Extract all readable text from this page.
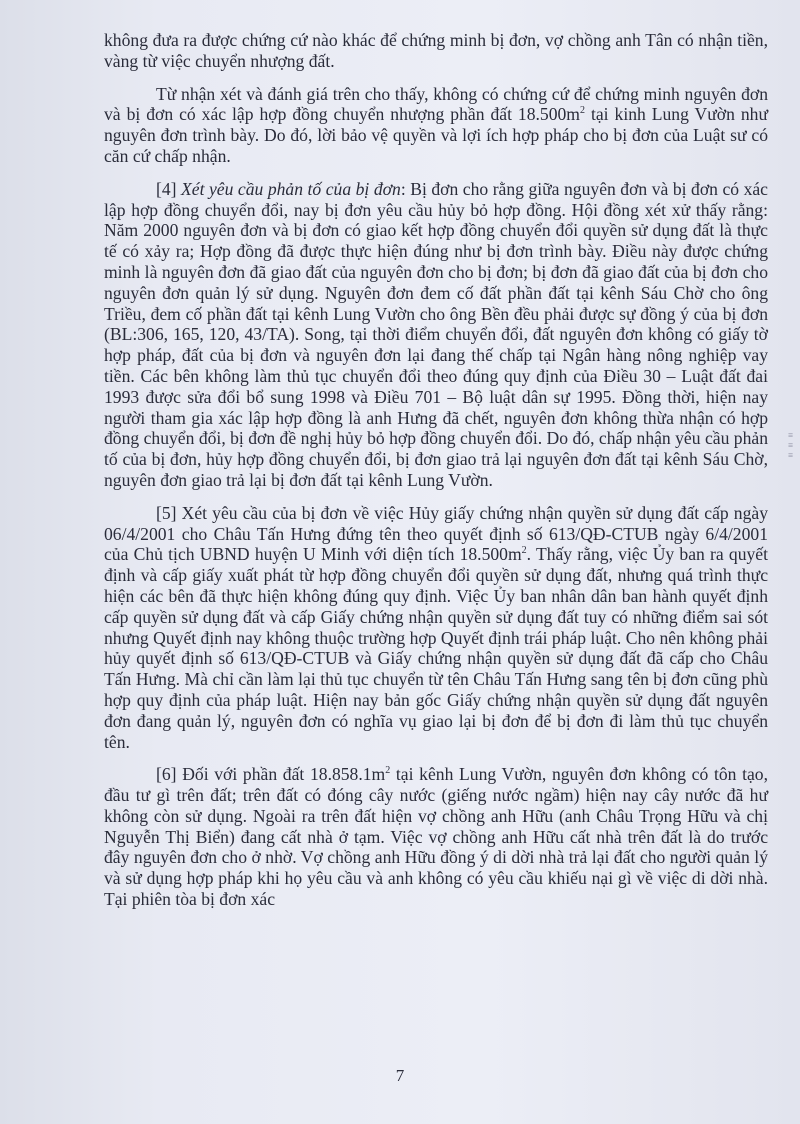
không đưa ra được chứng cứ nào khác để chứng minh bị đơn, vợ chồng anh Tân có nhận tiền, vàng từ việc chuyển nhượng đất.

Từ nhận xét và đánh giá trên cho thấy, không có chứng cứ để chứng minh nguyên đơn và bị đơn có xác lập hợp đồng chuyển nhượng phần đất $18.500m^2$ tại kinh Lung Vườn như nguyên đơn trình bày. Do đó, lời bảo vệ quyền và lợi ích hợp pháp cho bị đơn của Luật sư có căn cứ chấp nhận.

[4] Xét yêu cầu phản tố của bị đơn: Bị đơn cho rằng giữa nguyên đơn và bị đơn có xác lập hợp đồng chuyển đổi, nay bị đơn yêu cầu hủy bỏ hợp đồng. Hội đồng xét xử thấy rằng: Năm 2000 nguyên đơn và bị đơn có giao kết hợp đồng chuyển đổi quyền sử dụng đất là thực tế có xảy ra; Hợp đồng đã được thực hiện đúng như bị đơn trình bày. Điều này được chứng minh là nguyên đơn đã giao đất của nguyên đơn cho bị đơn; bị đơn đã giao đất của bị đơn cho nguyên đơn quản lý sử dụng. Nguyên đơn đem cố đất phần đất tại kênh Sáu Chờ cho ông Triều, đem cố phần đất tại kênh Lung Vườn cho ông Bền đều phải được sự đồng ý của bị đơn (BL:306, 165, 120, 43/TA). Song, tại thời điểm chuyển đổi, đất nguyên đơn không có giấy tờ hợp pháp, đất của bị đơn và nguyên đơn lại đang thế chấp tại Ngân hàng nông nghiệp vay tiền. Các bên không làm thủ tục chuyển đổi theo đúng quy định của Điều 30 – Luật đất đai 1993 được sửa đổi bổ sung 1998 và Điều 701 – Bộ luật dân sự 1995. Đồng thời, hiện nay người tham gia xác lập hợp đồng là anh Hưng đã chết, nguyên đơn không thừa nhận có hợp đồng chuyển đổi, bị đơn đề nghị hủy bỏ hợp đồng chuyển đổi. Do đó, chấp nhận yêu cầu phản tố của bị đơn, hủy hợp đồng chuyển đổi, bị đơn giao trả lại nguyên đơn đất tại kênh Sáu Chờ, nguyên đơn giao trả lại bị đơn đất tại kênh Lung Vườn.

[5] Xét yêu cầu của bị đơn về việc Hủy giấy chứng nhận quyền sử dụng đất cấp ngày 06/4/2001 cho Châu Tấn Hưng đứng tên theo quyết định số 613/QĐ-CTUB ngày 6/4/2001 của Chủ tịch UBND huyện U Minh với diện tích $18.500m^2$. Thấy rằng, việc Ủy ban ra quyết định và cấp giấy xuất phát từ hợp đồng chuyển đổi quyền sử dụng đất, nhưng quá trình thực hiện các bên đã thực hiện không đúng quy định. Việc Ủy ban nhân dân ban hành quyết định cấp quyền sử dụng đất và cấp Giấy chứng nhận quyền sử dụng đất tuy có những điểm sai sót nhưng Quyết định nay không thuộc trường hợp Quyết định trái pháp luật. Cho nên không phải hủy quyết định số 613/QĐ-CTUB và Giấy chứng nhận quyền sử dụng đất đã cấp cho Châu Tấn Hưng. Mà chỉ cần làm lại thủ tục chuyển từ tên Châu Tấn Hưng sang tên bị đơn cũng phù hợp quy định của pháp luật. Hiện nay bản gốc Giấy chứng nhận quyền sử dụng đất nguyên đơn đang quản lý, nguyên đơn có nghĩa vụ giao lại bị đơn để bị đơn đi làm thủ tục chuyển tên.

[6] Đối với phần đất $18.858.1m^2$ tại kênh Lung Vườn, nguyên đơn không có tôn tạo, đầu tư gì trên đất; trên đất có đóng cây nước (giếng nước ngầm) hiện nay cây nước đã hư không còn sử dụng. Ngoài ra trên đất hiện vợ chồng anh Hữu (anh Châu Trọng Hữu và chị Nguyễn Thị Biển) đang cất nhà ở tạm. Việc vợ chồng anh Hữu cất nhà trên đất là do trước đây nguyên đơn cho ở nhờ. Vợ chồng anh Hữu đồng ý di dời nhà trả lại đất cho người quản lý và sử dụng hợp pháp khi họ yêu cầu và anh không có yêu cầu khiếu nại gì về việc di dời nhà. Tại phiên tòa bị đơn xác

7
≡ ≡ ≡
